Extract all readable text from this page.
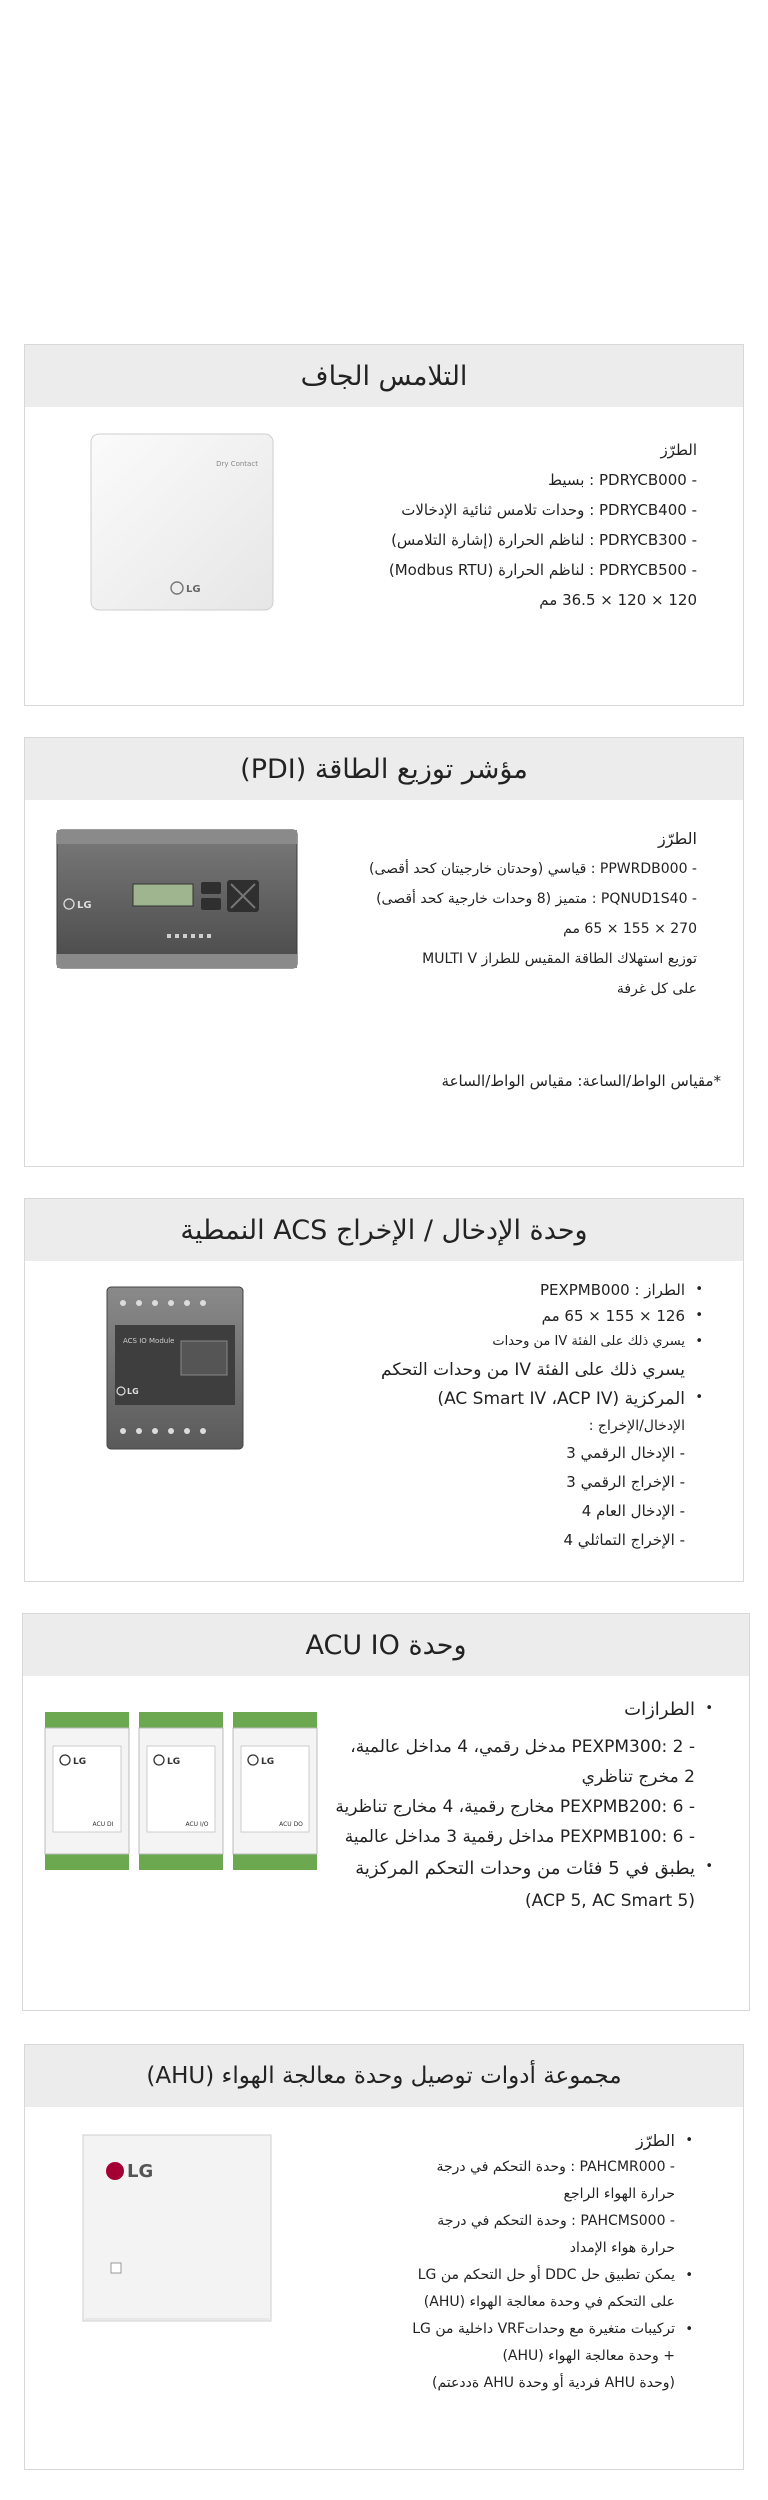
التلامس الجاف
Dry Contact
LG
الطرّز
- PDRYCB000 : بسيط
- PDRYCB400 : وحدات تلامس ثنائية الإدخالات
- PDRYCB300 : لناظم الحرارة (إشارة التلامس)
- PDRYCB500 : لناظم الحرارة (Modbus RTU)
120 × 120 × 36.5 مم
مؤشر توزيع الطاقة (PDI)
LG
الطرّز
- PPWRDB000 : قياسي (وحدتان خارجيتان كحد أقصى)
- PQNUD1S40 : متميز (8 وحدات خارجية كحد أقصى)
270 × 155 × 65 مم
توزيع استهلاك الطاقة المقيس للطراز MULTI V
على كل غرفة
*مقياس الواط/الساعة: مقياس الواط/الساعة
وحدة الإدخال / الإخراج ACS النمطية
ACS IO Module
LG
• الطراز : PEXPMB000
• 126 × 155 × 65 مم
• يسري ذلك على الفئة IV من وحدات
يسري ذلك على الفئة IV من وحدات التحكم
• المركزية (AC Smart IV ،ACP IV)
الإدخال/الإخراج :
- الإدخال الرقمي 3
- الإخراج الرقمي 3
- الإدخال العام 4
- الإخراج التماثلي 4
وحدة ACU IO
LG
ACU DI
LG
ACU I/O
LG
ACU DO
• الطرازات
- PEXPM300: 2 مدخل رقمي، 4 مداخل عالمية،
2 مخرج تناظري
- PEXPMB200: 6 مخارج رقمية، 4 مخارج تناظرية
- PEXPMB100: 6 مداخل رقمية 3 مداخل عالمية
• يطبق في 5 فئات من وحدات التحكم المركزية
(ACP 5, AC Smart 5)
مجموعة أدوات توصيل وحدة معالجة الهواء (AHU)
LG
• الطرّز
- PAHCMR000 : وحدة التحكم في درجة
حرارة الهواء الراجع
- PAHCMS000 : وحدة التحكم في درجة
حرارة هواء الإمداد
• يمكن تطبيق حل DDC أو حل التحكم من LG
على التحكم في وحدة معالجة الهواء (AHU)
• تركيبات متغيرة مع وحداتVRF داخلية من LG
+ وحدة معالجة الهواء (AHU)
(وحدة AHU فردية أو وحدة AHU ةددعتم)
